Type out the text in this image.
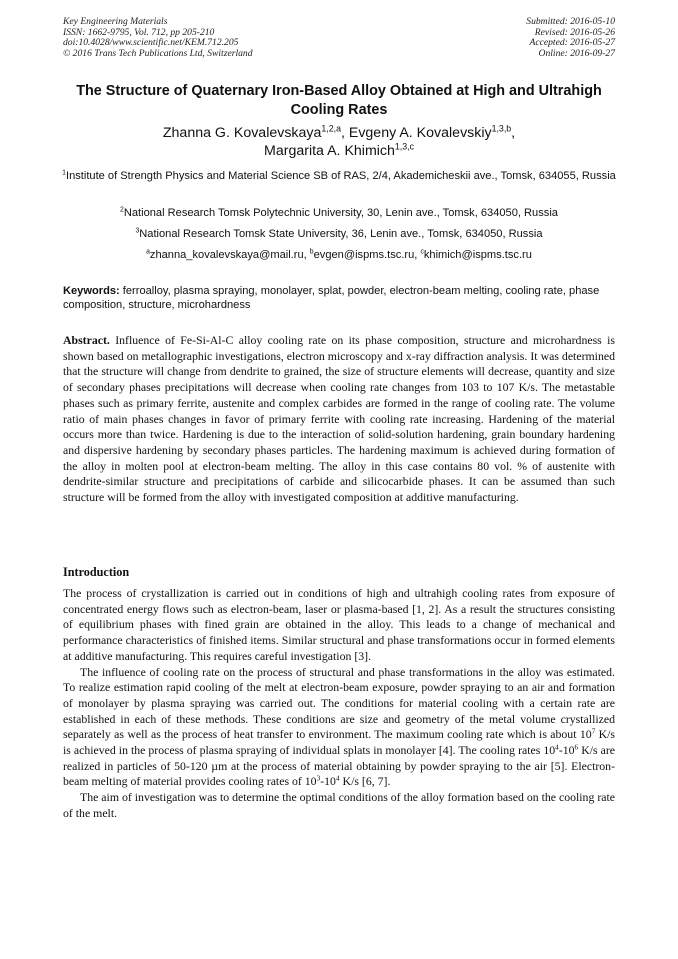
Key Engineering Materials
ISSN: 1662-9795, Vol. 712, pp 205-210
doi:10.4028/www.scientific.net/KEM.712.205
© 2016 Trans Tech Publications Ltd, Switzerland
Submitted: 2016-05-10
Revised: 2016-05-26
Accepted: 2016-05-27
Online: 2016-09-27
The Structure of Quaternary Iron-Based Alloy Obtained at High and Ultrahigh Cooling Rates
Zhanna G. Kovalevskaya$^{1,2,a}$, Evgeny A. Kovalevskiy$^{1,3,b}$,
Margarita A. Khimich$^{1,3,c}$
$^1$Institute of Strength Physics and Material Science SB of RAS, 2/4, Akademicheskii ave., Tomsk, 634055, Russia
$^2$National Research Tomsk Polytechnic University, 30, Lenin ave., Tomsk, 634050, Russia
$^3$National Research Tomsk State University, 36, Lenin ave., Tomsk, 634050, Russia
$^a$zhanna_kovalevskaya@mail.ru, $^b$evgen@ispms.tsc.ru, $^c$khimich@ispms.tsc.ru
Keywords: ferroalloy, plasma spraying, monolayer, splat, powder, electron-beam melting, cooling rate, phase composition, structure, microhardness
Abstract. Influence of Fe-Si-Al-C alloy cooling rate on its phase composition, structure and microhardness is shown based on metallographic investigations, electron microscopy and x-ray diffraction analysis. It was determined that the structure will change from dendrite to grained, the size of structure elements will decrease, quantity and size of secondary phases precipitations will decrease when cooling rate changes from 103 to 107 K/s. The metastable phases such as primary ferrite, austenite and complex carbides are formed in the range of cooling rate. The volume ratio of main phases changes in favor of primary ferrite with cooling rate increasing. Hardening of the material occurs more than twice. Hardening is due to the interaction of solid-solution hardening, grain boundary hardening and dispersive hardening by secondary phases particles. The hardening maximum is achieved during formation of the alloy in molten pool at electron-beam melting. The alloy in this case contains 80 vol. % of austenite with dendrite-similar structure and precipitations of carbide and silicocarbide phases. It can be assumed than such structure will be formed from the alloy with investigated composition at additive manufacturing.
Introduction

The process of crystallization is carried out in conditions of high and ultrahigh cooling rates from exposure of concentrated energy flows such as electron-beam, laser or plasma-based [1, 2]. As a result the structures consisting of equilibrium phases with fined grain are obtained in the alloy. This leads to a change of mechanical and performance characteristics of finished items. Similar structural and phase transformations occur in formed elements at additive manufacturing. This requires careful investigation [3].

The influence of cooling rate on the process of structural and phase transformations in the alloy was estimated. To realize estimation rapid cooling of the melt at electron-beam exposure, powder spraying to an air and formation of monolayer by plasma spraying was carried out. The conditions for material cooling with a certain rate are established in each of these methods. These conditions are size and geometry of the metal volume crystallized separately as well as the process of heat transfer to environment. The maximum cooling rate which is about $10^7$ K/s is achieved in the process of plasma spraying of individual splats in monolayer [4]. The cooling rates $10^4-10^6$ K/s are realized in particles of 50-120 µm at the process of material obtaining by powder spraying to the air [5]. Electron-beam melting of material provides cooling rates of $10^3-10^4$ K/s [6, 7].

The aim of investigation was to determine the optimal conditions of the alloy formation based on the cooling rate of the melt.
